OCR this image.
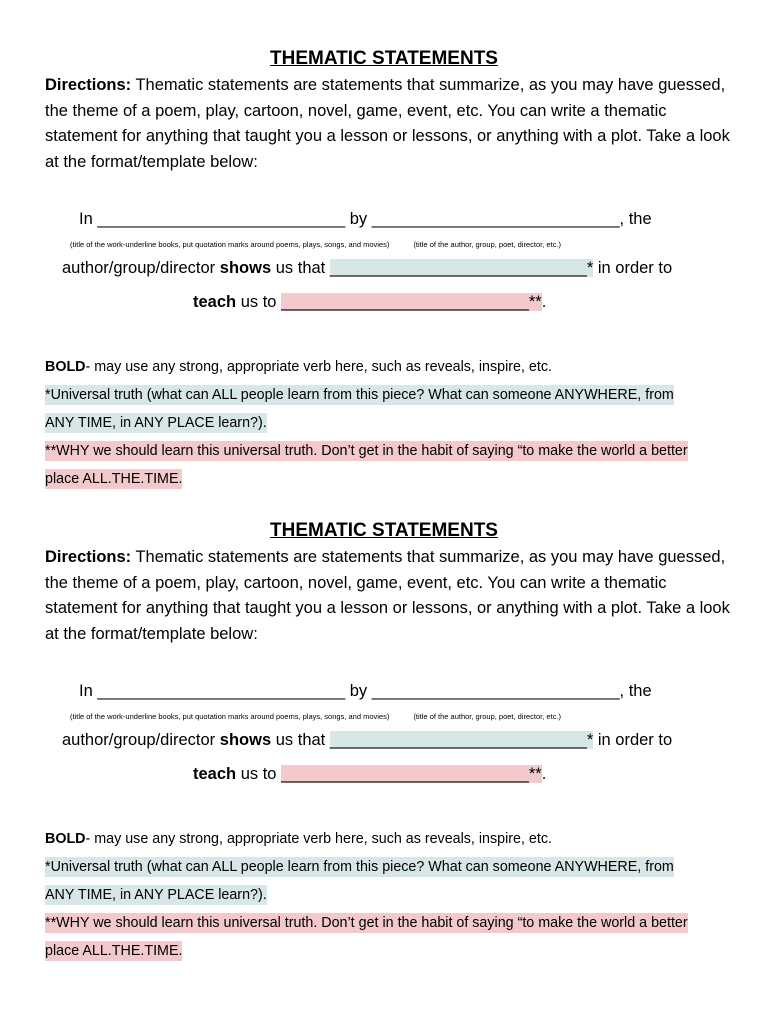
THEMATIC STATEMENTS
Directions: Thematic statements are statements that summarize, as you may have guessed, the theme of a poem, play, cartoon, novel, game, event, etc. You can write a thematic statement for anything that taught you a lesson or lessons, or anything with a plot. Take a look at the format/template below:
In ___________________________ by ___________________________, the
(title of the work-underline books, put quotation marks around poems, plays, songs, and movies)	(title of the author, group, poet, director, etc.)
author/group/director shows us that ____________________________* in order to
teach us to ___________________________**.
BOLD- may use any strong, appropriate verb here, such as reveals, inspire, etc.
*Universal truth (what can ALL people learn from this piece? What can someone ANYWHERE, from
ANY TIME, in ANY PLACE learn?).
**WHY we should learn this universal truth. Don’t get in the habit of saying “to make the world a better
place ALL.THE.TIME.
THEMATIC STATEMENTS
Directions: Thematic statements are statements that summarize, as you may have guessed, the theme of a poem, play, cartoon, novel, game, event, etc. You can write a thematic statement for anything that taught you a lesson or lessons, or anything with a plot. Take a look at the format/template below:
In ___________________________ by ___________________________, the
(title of the work-underline books, put quotation marks around poems, plays, songs, and movies)	(title of the author, group, poet, director, etc.)
author/group/director shows us that ____________________________* in order to
teach us to ___________________________**.
BOLD- may use any strong, appropriate verb here, such as reveals, inspire, etc.
*Universal truth (what can ALL people learn from this piece? What can someone ANYWHERE, from
ANY TIME, in ANY PLACE learn?).
**WHY we should learn this universal truth. Don’t get in the habit of saying “to make the world a better
place ALL.THE.TIME.
